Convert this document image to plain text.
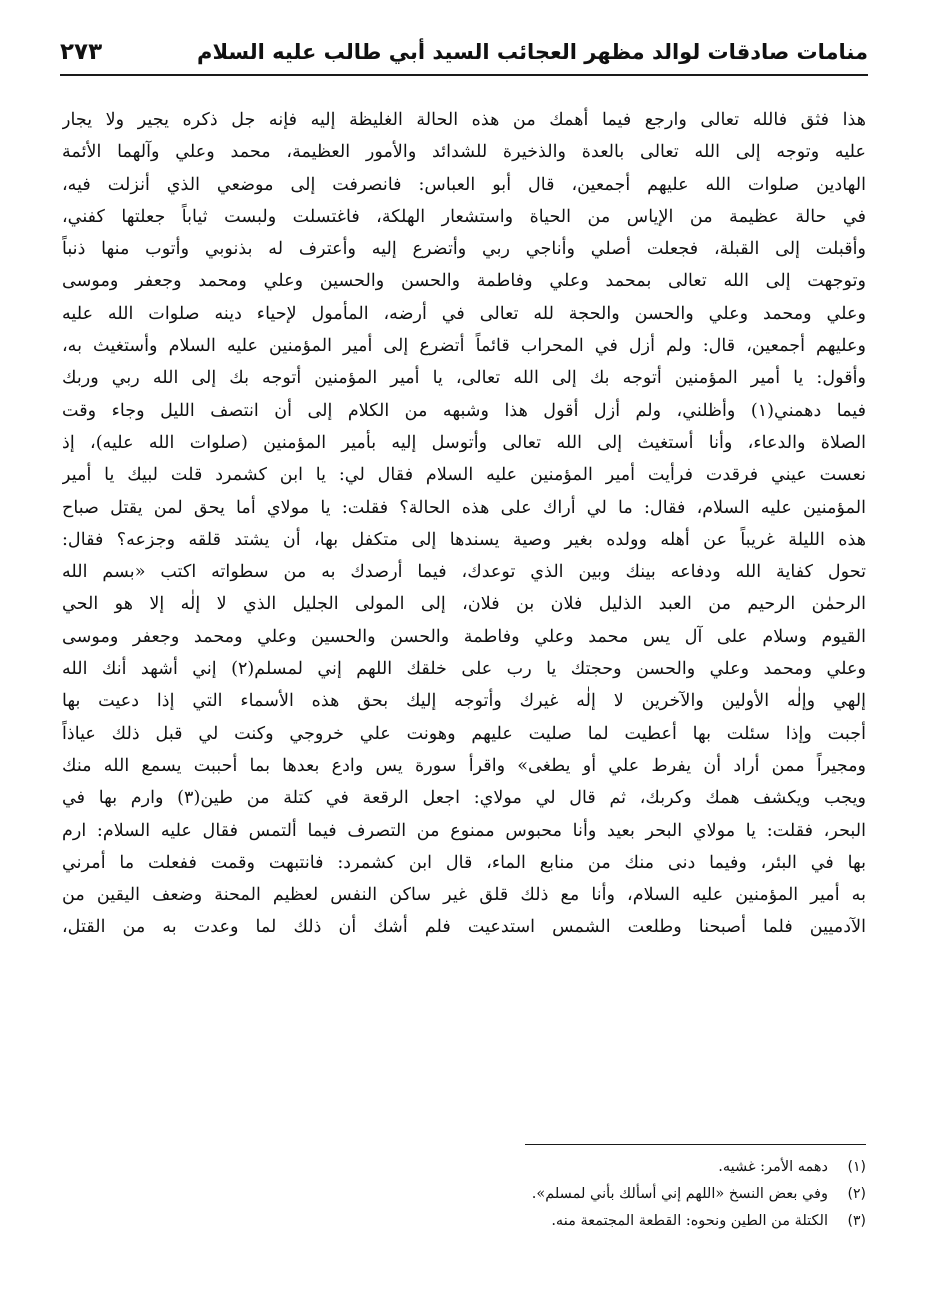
منامات صادقات لوالد مظهر العجائب السيد أبي طالب عليه السلام
٢٧٣
هذا فثق فالله تعالى وارجع فيما أهمك من هذه الحالة الغليظة إليه فإنه جل ذكره يجير ولا يجار
عليه وتوجه إلى الله تعالى بالعدة والذخيرة للشدائد والأمور العظيمة، محمد وعلي وآلهما الأئمة
الهادين صلوات الله عليهم أجمعين، قال أبو العباس: فانصرفت إلى موضعي الذي أنزلت فيه،
في حالة عظيمة من الإياس من الحياة واستشعار الهلكة، فاغتسلت ولبست ثياباً جعلتها كفني،
وأقبلت إلى القبلة، فجعلت أصلي وأناجي ربي وأتضرع إليه وأعترف له بذنوبي وأتوب منها ذنباً
وتوجهت إلى الله تعالى بمحمد وعلي وفاطمة والحسن والحسين وعلي ومحمد وجعفر وموسى
وعلي ومحمد وعلي والحسن والحجة لله تعالى في أرضه، المأمول لإحياء دينه صلوات الله عليه
وعليهم أجمعين، قال: ولم أزل في المحراب قائماً أتضرع إلى أمير المؤمنين عليه السلام وأستغيث به،
وأقول: يا أمير المؤمنين أتوجه بك إلى الله تعالى، يا أمير المؤمنين أتوجه بك إلى الله ربي وربك
فيما دهمني(١) وأظلني، ولم أزل أقول هذا وشبهه من الكلام إلى أن انتصف الليل وجاء وقت
الصلاة والدعاء، وأنا أستغيث إلى الله تعالى وأتوسل إليه بأمير المؤمنين (صلوات الله عليه)، إذ
نعست عيني فرقدت فرأيت أمير المؤمنين عليه السلام فقال لي: يا ابن كشمرد قلت لبيك يا أمير
المؤمنين عليه السلام، فقال: ما لي أراك على هذه الحالة؟ فقلت: يا مولاي أما يحق لمن يقتل صباح
هذه الليلة غريباً عن أهله وولده بغير وصية يسندها إلى متكفل بها، أن يشتد قلقه وجزعه؟ فقال:
تحول كفاية الله ودفاعه بينك وبين الذي توعدك، فيما أرصدك به من سطواته اكتب «بسم الله
الرحمٰن الرحيم من العبد الذليل فلان بن فلان، إلى المولى الجليل الذي لا إلٰه إلا هو الحي
القيوم وسلام على آل يس محمد وعلي وفاطمة والحسن والحسين وعلي ومحمد وجعفر وموسى
وعلي ومحمد وعلي والحسن وحجتك يا رب على خلقك اللهم إني لمسلم(٢) إني أشهد أنك الله
إلهي وإلٰه الأولين والآخرين لا إلٰه غيرك وأتوجه إليك بحق هذه الأسماء التي إذا دعيت بها
أجبت وإذا سئلت بها أعطيت لما صليت عليهم وهونت علي خروجي وكنت لي قبل ذلك عياذاً
ومجيراً ممن أراد أن يفرط علي أو يطغى» واقرأ سورة يس وادع بعدها بما أحببت يسمع الله منك
ويجب ويكشف همك وكربك، ثم قال لي مولاي: اجعل الرقعة في كتلة من طين(٣) وارم بها في
البحر، فقلت: يا مولاي البحر بعيد وأنا محبوس ممنوع من التصرف فيما ألتمس فقال عليه السلام: ارم
بها في البئر، وفيما دنى منك من منابع الماء، قال ابن كشمرد: فانتبهت وقمت ففعلت ما أمرني
به أمير المؤمنين عليه السلام، وأنا مع ذلك قلق غير ساكن النفس لعظيم المحنة وضعف اليقين من
الآدميين فلما أصبحنا وطلعت الشمس استدعيت فلم أشك أن ذلك لما وعدت به من القتل،
(١)
دهمه الأمر: غشيه.
(٢)
وفي بعض النسخ «اللهم إني أسألك بأني لمسلم».
(٣)
الكتلة من الطين ونحوه: القطعة المجتمعة منه.
